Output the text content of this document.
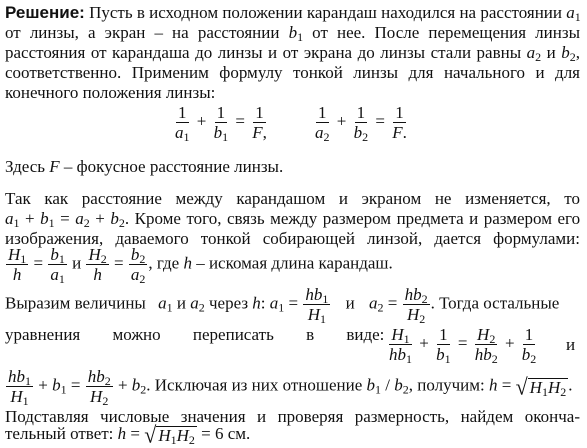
Решение: Пусть в исходном положении карандаш находился на расстоянии $a_1$
от линзы, а экран – на расстоянии $b_1$ от нее. После перемещения линзы
расстояния от карандаша до линзы и от экрана до линзы стали равны $a_2$ и $b_2$,
соответственно. Применим формулу тонкой линзы для начального и для
конечного положения линзы:
$\frac{1}{a_1} + \frac{1}{b_1} = \frac{1}{F,}$	$\frac{1}{a_2} + \frac{1}{b_2} = \frac{1}{F.}$
Здесь F – фокусное расстояние линзы.
Так как расстояние между карандашом и экраном не изменяется, то
$a_1 + b_1 = a_2 + b_2$. Кроме того, связь между размером предмета и размером его
изображения, даваемого тонкой собирающей линзой, дается формулами:
$\frac{H_1}{h} = \frac{b_1}{a_1}$ и $\frac{H_2}{h} = \frac{b_2}{a_2}$ , где h – искомая длина карандаш.
Выразим величины $a_1$ и $a_2$ через h: $a_1 = \frac{hb_1}{H_1}$ и $a_2 = \frac{hb_2}{H_2}$ . Тогда остальные
уравнения можно переписать в виде: $\frac{H_1}{hb_1} + \frac{1}{b_1} = \frac{H_2}{hb_2} + \frac{1}{b_2}$ и
$\frac{hb_1}{H_1} + b_1 = \frac{hb_2}{H_2} + b_2$. Исключая из них отношение $b_1 / b_2$, получим: h = √ $H_1H_2$ .
Подставляя числовые значения и проверяя размерность, найдем оконча-
тельный ответ: h = √ $H_1H_2 = 6$ см.
